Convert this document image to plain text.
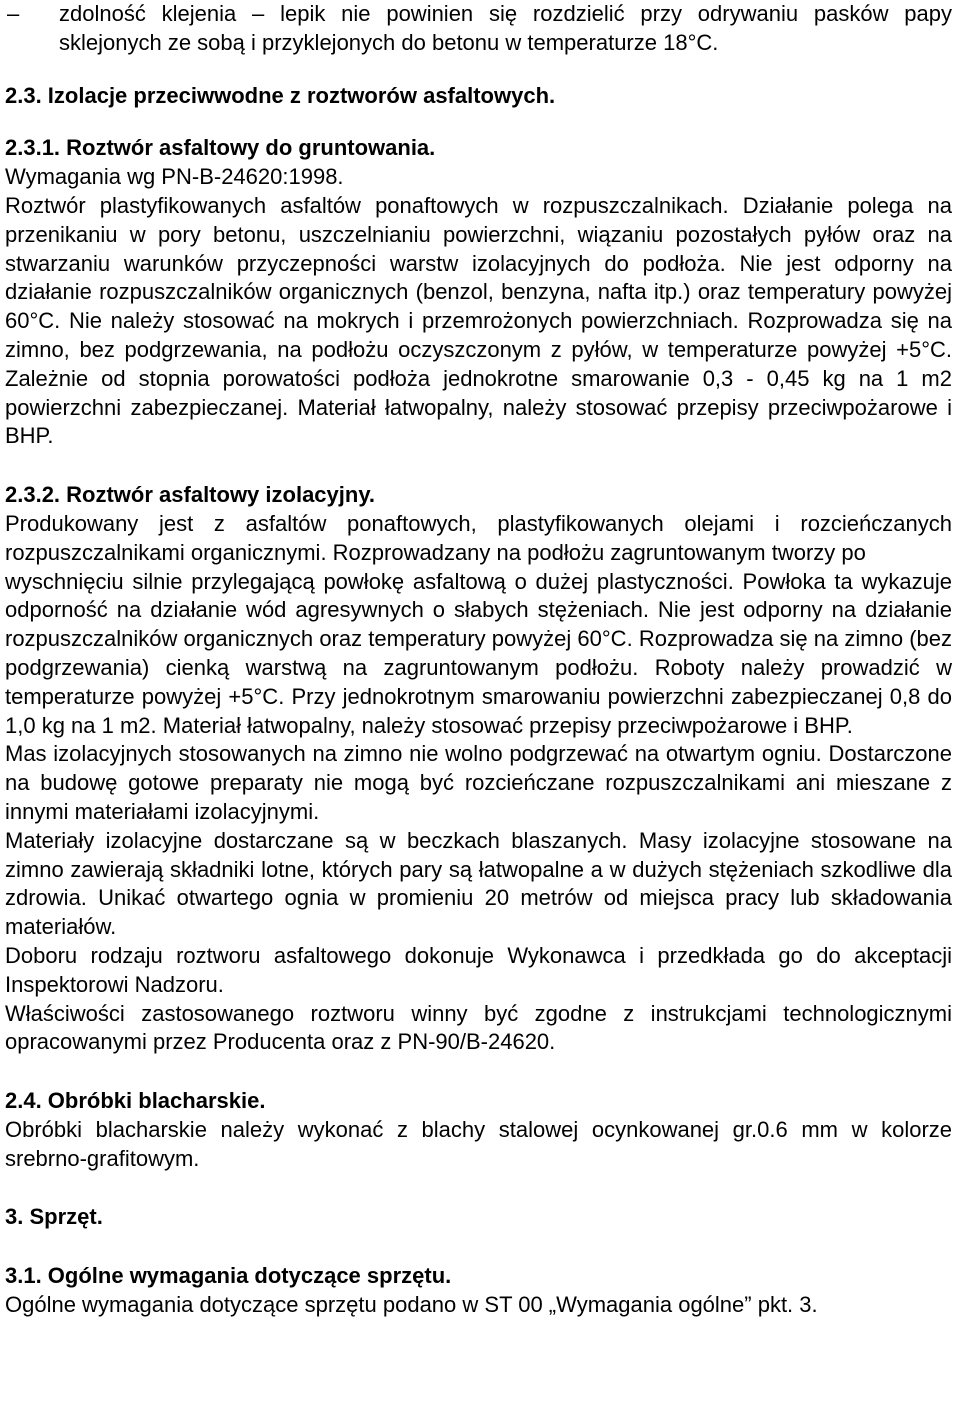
–	zdolność klejenia – lepik nie powinien się rozdzielić przy odrywaniu pasków papy sklejonych ze sobą i przyklejonych do betonu w temperaturze 18°C.

2.3. Izolacje przeciwwodne z roztworów asfaltowych.

2.3.1. Roztwór asfaltowy do gruntowania.

Wymagania wg PN-B-24620:1998.

Roztwór plastyfikowanych asfaltów ponaftowych w rozpuszczalnikach. Działanie polega na przenikaniu w pory betonu, uszczelnianiu powierzchni, wiązaniu pozostałych pyłów oraz na stwarzaniu warunków przyczepności warstw izolacyjnych do podłoża. Nie jest odporny na działanie rozpuszczalników organicznych (benzol, benzyna, nafta itp.) oraz temperatury powyżej 60°C. Nie należy stosować na mokrych i przemrożonych powierzchniach. Rozprowadza się na zimno, bez podgrzewania, na podłożu oczyszczonym z pyłów, w temperaturze powyżej +5°C. Zależnie od stopnia porowatości podłoża jednokrotne smarowanie 0,3 - 0,45 kg na 1 m2 powierzchni zabezpieczanej. Materiał łatwopalny, należy stosować przepisy przeciwpożarowe i BHP.

2.3.2. Roztwór asfaltowy izolacyjny.

Produkowany jest z asfaltów ponaftowych, plastyfikowanych olejami i rozcieńczanych rozpuszczalnikami organicznymi. Rozprowadzany na podłożu zagruntowanym tworzy po

wyschnięciu silnie przylegającą powłokę asfaltową o dużej plastyczności. Powłoka ta wykazuje odporność na działanie wód agresywnych o słabych stężeniach. Nie jest odporny na działanie rozpuszczalników organicznych oraz temperatury powyżej 60°C. Rozprowadza się na zimno (bez podgrzewania) cienką warstwą na zagruntowanym podłożu. Roboty należy prowadzić w temperaturze powyżej +5°C. Przy jednokrotnym smarowaniu powierzchni zabezpieczanej 0,8 do 1,0 kg na 1 m2. Materiał łatwopalny, należy stosować przepisy przeciwpożarowe i BHP.

Mas izolacyjnych stosowanych na zimno nie wolno podgrzewać na otwartym ogniu. Dostarczone na budowę gotowe preparaty nie mogą być rozcieńczane rozpuszczalnikami ani mieszane z innymi materiałami izolacyjnymi.

Materiały izolacyjne dostarczane są w beczkach blaszanych. Masy izolacyjne stosowane na zimno zawierają składniki lotne, których pary są łatwopalne a w dużych stężeniach szkodliwe dla zdrowia. Unikać otwartego ognia w promieniu 20 metrów od miejsca pracy lub składowania materiałów.

Doboru rodzaju roztworu asfaltowego dokonuje Wykonawca i przedkłada go do akceptacji Inspektorowi Nadzoru.

Właściwości zastosowanego roztworu winny być zgodne z instrukcjami technologicznymi opracowanymi przez Producenta oraz z PN-90/B-24620.

2.4. Obróbki blacharskie.

Obróbki blacharskie należy wykonać z blachy stalowej ocynkowanej gr.0.6 mm w kolorze srebrno-grafitowym.

3. Sprzęt.

3.1. Ogólne wymagania dotyczące sprzętu.

Ogólne wymagania dotyczące sprzętu podano w ST 00 „Wymagania ogólne” pkt. 3.
